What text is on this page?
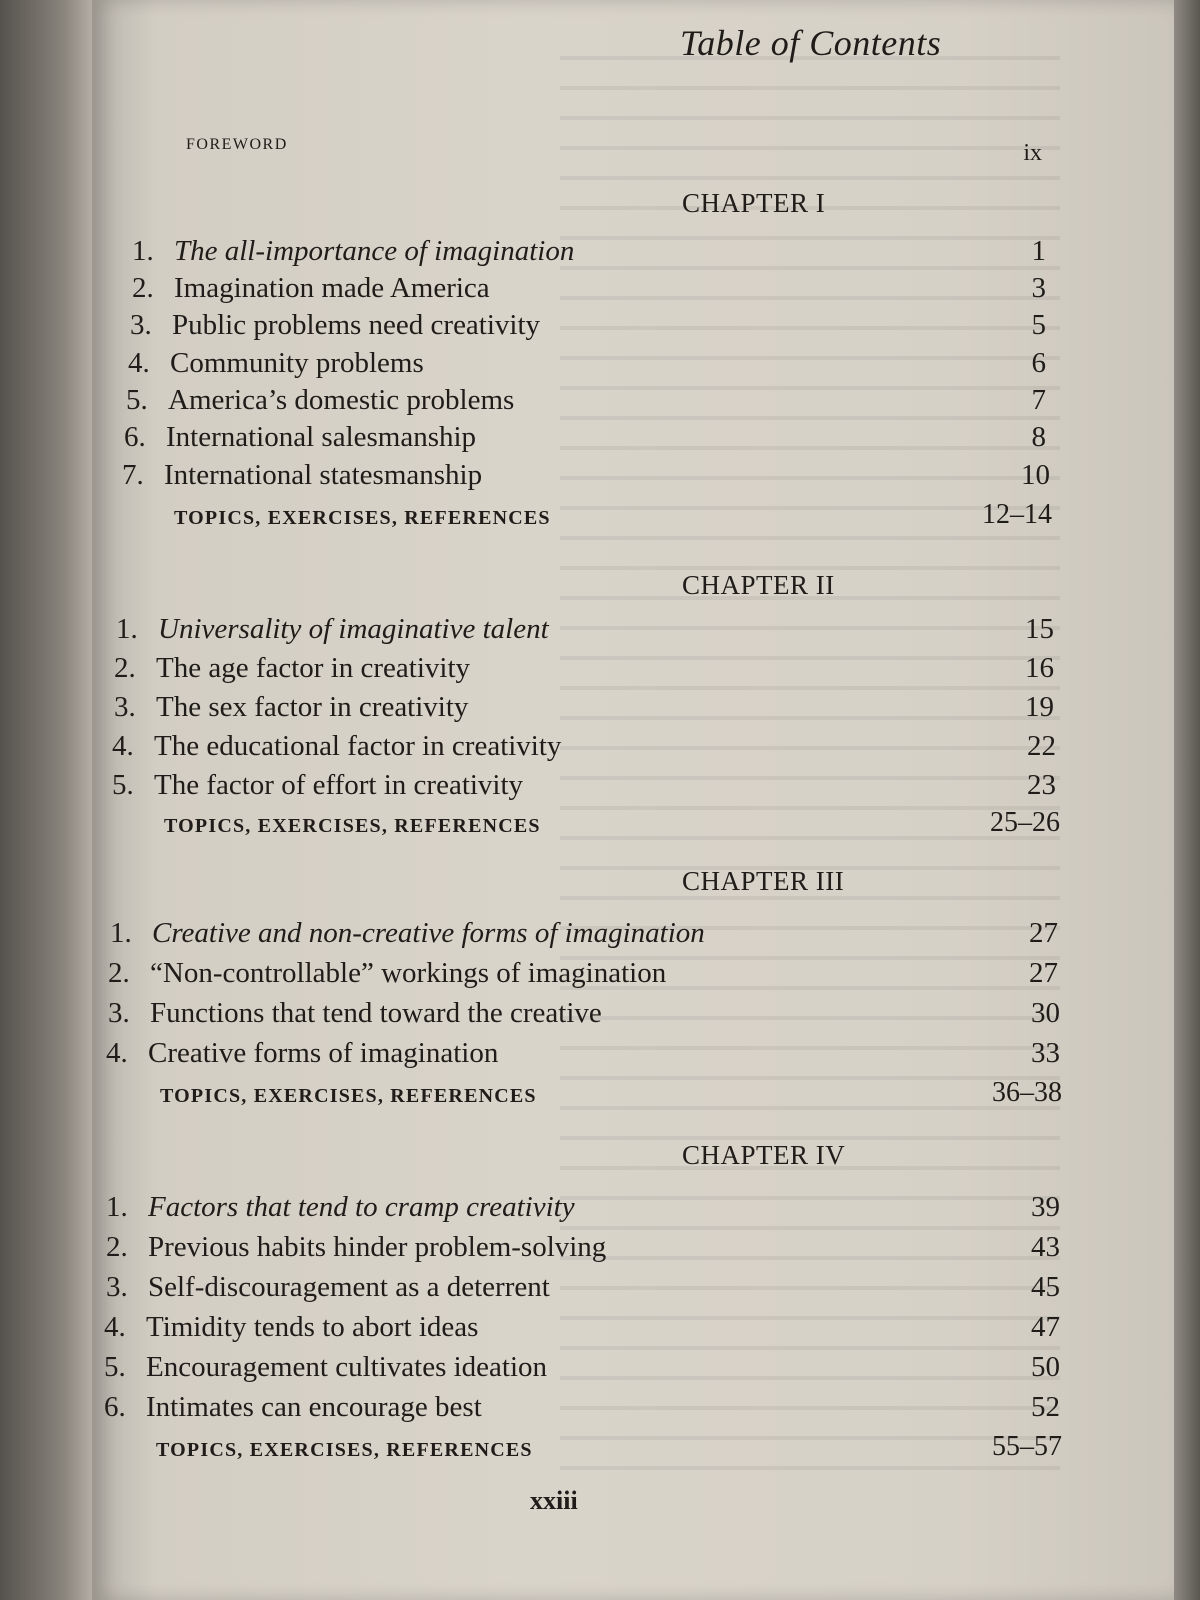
Table of Contents
FOREWORD	ix
CHAPTER I
1. The all-importance of imagination	1
2. Imagination made America	3
3. Public problems need creativity	5
4. Community problems	6
5. America’s domestic problems	7
6. International salesmanship	8
7. International statesmanship	10
TOPICS, EXERCISES, REFERENCES	12–14
CHAPTER II
1. Universality of imaginative talent	15
2. The age factor in creativity	16
3. The sex factor in creativity	19
4. The educational factor in creativity	22
5. The factor of effort in creativity	23
TOPICS, EXERCISES, REFERENCES	25–26
CHAPTER III
1. Creative and non-creative forms of imagination	27
2. “Non-controllable” workings of imagination	27
3. Functions that tend toward the creative	30
4. Creative forms of imagination	33
TOPICS, EXERCISES, REFERENCES	36–38
CHAPTER IV
1. Factors that tend to cramp creativity	39
2. Previous habits hinder problem-solving	43
3. Self-discouragement as a deterrent	45
4. Timidity tends to abort ideas	47
5. Encouragement cultivates ideation	50
6. Intimates can encourage best	52
TOPICS, EXERCISES, REFERENCES	55–57
xxiii
